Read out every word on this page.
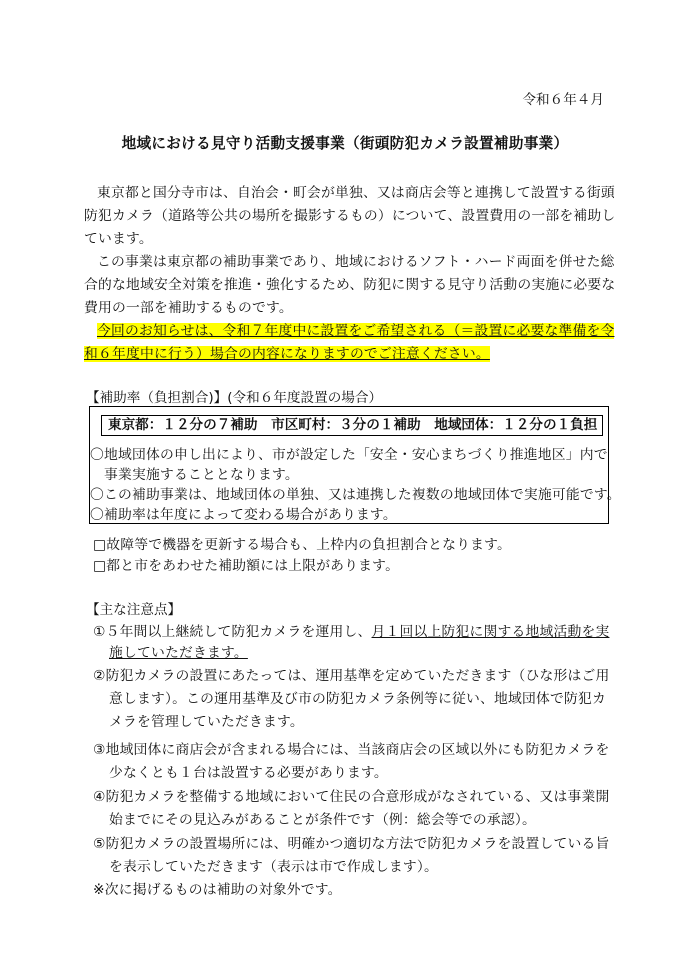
令和６年４月
地域における見守り活動支援事業（街頭防犯カメラ設置補助事業）
東京都と国分寺市は、自治会・町会が単独、又は商店会等と連携して設置する街頭
防犯カメラ（道路等公共の場所を撮影するもの）について、設置費用の一部を補助し
ています。
この事業は東京都の補助事業であり、地域におけるソフト・ハード両面を併せた総
合的な地域安全対策を推進・強化するため、防犯に関する見守り活動の実施に必要な
費用の一部を補助するものです。
今回のお知らせは、令和７年度中に設置をご希望される（＝設置に必要な準備を令
和６年度中に行う）場合の内容になりますのでご注意ください。
【補助率（負担割合)】(令和６年度設置の場合）
東京都：１２分の７補助　市区町村：３分の１補助　地域団体：１２分の１負担
〇地域団体の申し出により、市が設定した「安全・安心まちづくり推進地区」内で
　事業実施することとなります。
〇この補助事業は、地域団体の単独、又は連携した複数の地域団体で実施可能です。
〇補助率は年度によって変わる場合があります。
□故障等で機器を更新する場合も、上枠内の負担割合となります。
□都と市をあわせた補助額には上限があります。
【主な注意点】
①５年間以上継続して防犯カメラを運用し、月１回以上防犯に関する地域活動を実
施していただきます。
②防犯カメラの設置にあたっては、運用基準を定めていただきます（ひな形はご用
意します）。この運用基準及び市の防犯カメラ条例等に従い、地域団体で防犯カ
メラを管理していただきます。
③地域団体に商店会が含まれる場合には、当該商店会の区域以外にも防犯カメラを
少なくとも１台は設置する必要があります。
④防犯カメラを整備する地域において住民の合意形成がなされている、又は事業開
始までにその見込みがあることが条件です（例：総会等での承認）。
⑤防犯カメラの設置場所には、明確かつ適切な方法で防犯カメラを設置している旨
を表示していただきます（表示は市で作成します）。
※次に掲げるものは補助の対象外です。
